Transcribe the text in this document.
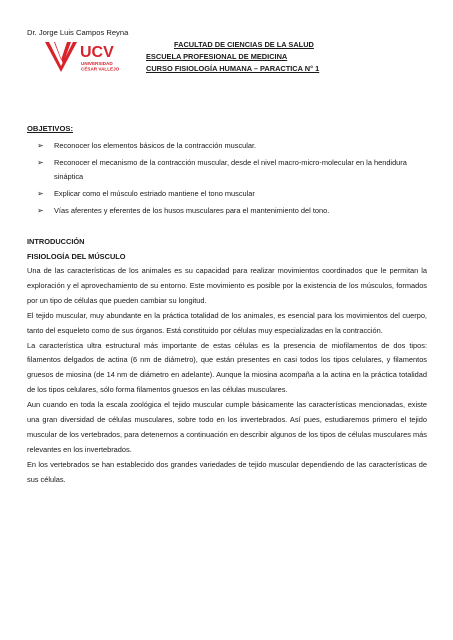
Dr. Jorge Luis Campos Reyna
UCV
UNIVERSIDAD
CÉSAR VALLEJO
FACULTAD DE CIENCIAS DE LA SALUD
ESCUELA PROFESIONAL DE MEDICINA
CURSO FISIOLOGÍA HUMANA – PARACTICA N° 1
OBJETIVOS:
➢ Reconocer los elementos básicos de la contracción muscular.
➢ Reconocer el mecanismo de la contracción muscular, desde el nivel macro-micro-molecular en la hendidura sináptica
➢ Explicar como el músculo estriado mantiene el tono muscular
➢ Vías aferentes y eferentes de los husos musculares para el mantenimiento del tono.
INTRODUCCIÓN
FISIOLOGÍA DEL MÚSCULO

Una de las características de los animales es su capacidad para realizar movimientos coordinados que le permitan la exploración y el aprovechamiento de su entorno. Este movimiento es posible por la existencia de los músculos, formados por un tipo de células que pueden cambiar su longitud.

El tejido muscular, muy abundante en la práctica totalidad de los animales, es esencial para los movimientos del cuerpo, tanto del esqueleto como de sus órganos. Está constituido por células muy especializadas en la contracción.

La característica ultra estructural más importante de estas células es la presencia de miofilamentos de dos tipos: filamentos delgados de actina (6 nm de diámetro), que están presentes en casi todos los tipos celulares, y filamentos gruesos de miosina (de 14 nm de diámetro en adelante). Aunque la miosina acompaña a la actina en la práctica totalidad de los tipos celulares, sólo forma filamentos gruesos en las células musculares.

Aun cuando en toda la escala zoológica el tejido muscular cumple básicamente las características mencionadas, existe una gran diversidad de células musculares, sobre todo en los invertebrados. Así pues, estudiaremos primero el tejido muscular de los vertebrados, para detenernos a continuación en describir algunos de los tipos de células musculares más relevantes en los invertebrados.

En los vertebrados se han establecido dos grandes variedades de tejido muscular dependiendo de las características de sus células.
